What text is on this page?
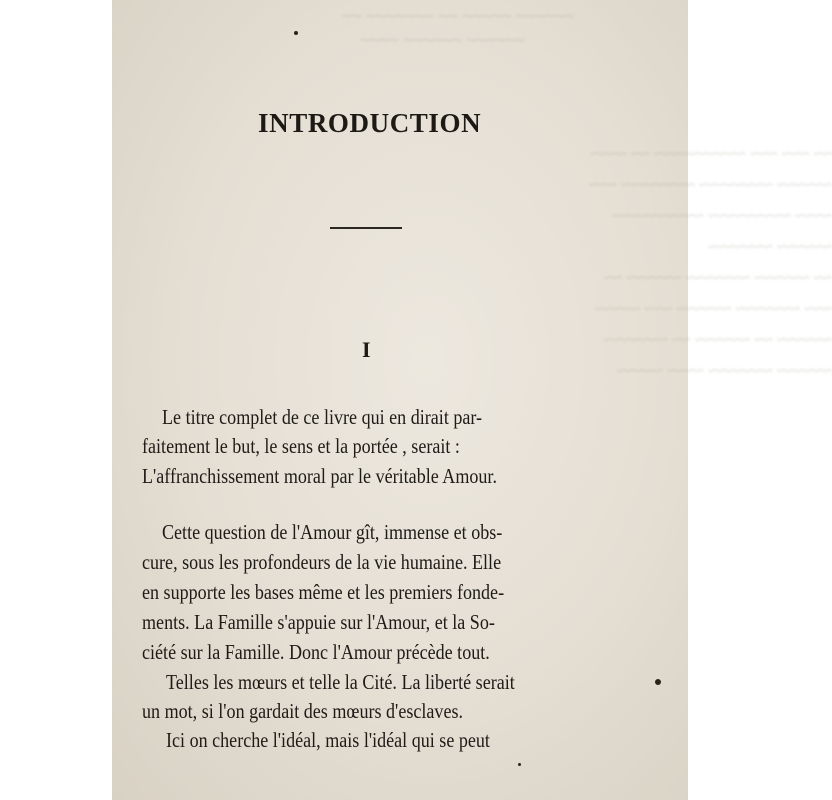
~~ ~~~~~~~ ~~ ~~~~~ ~~~~~~
~~~~ ~~~~~~ ~~~~~~
~~ ~~~ ~~~ ~~~~~~~~~~ ~~ ~~~~
~~~~~~ ~~~~~~~~ ~~~~~~~~ ~~~
~~~~ ~~~~~~~~~ ~~~~~~~~~~
~~~~~~ ~~~~~~~
~~ ~~~~~~ ~~~~~~~ ~~~~~~ ~~
~~~ ~~~~~~~ ~~~~~~ ~~~ ~~~~~
~~~~~~ ~~ ~~~~~~ ~~ ~~~~~~~
~~~~~~ ~~~~~~~ ~~~~ ~~~~~
INTRODUCTION
I
Le titre complet de ce livre qui en dirait par-
faitement le but, le sens et la portée , serait :
L'affranchissement moral par le véritable Amour.
Cette question de l'Amour gît, immense et obs-
cure, sous les profondeurs de la vie humaine. Elle
en supporte les bases même et les premiers fonde-
ments. La Famille s'appuie sur l'Amour, et la So-
ciété sur la Famille. Donc l'Amour précède tout.
Telles les mœurs et telle la Cité. La liberté serait
un mot, si l'on gardait des mœurs d'esclaves.
Ici on cherche l'idéal, mais l'idéal qui se peut
